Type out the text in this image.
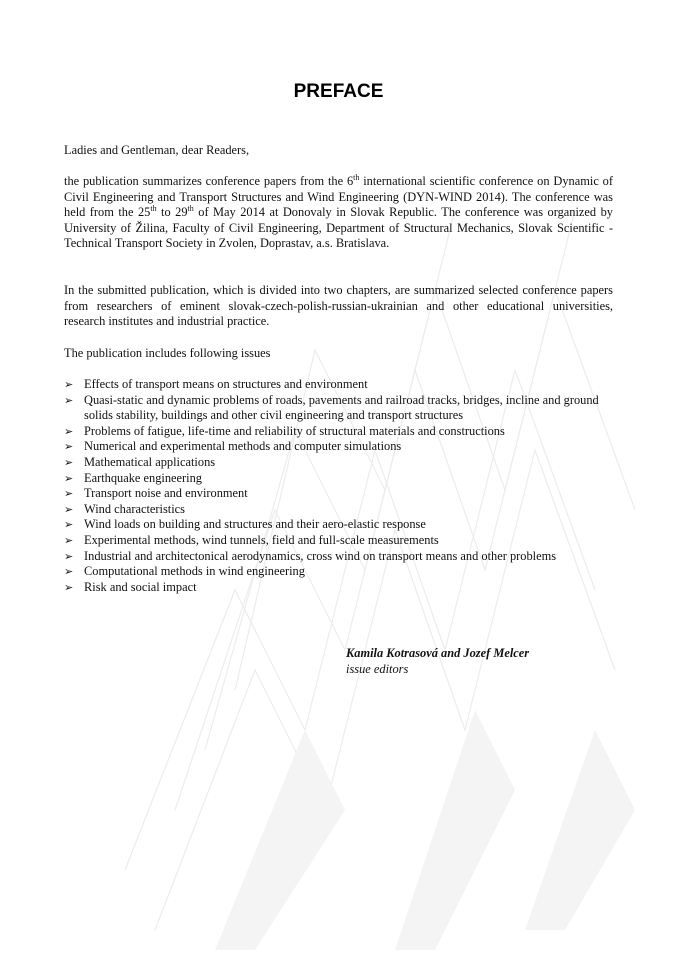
PREFACE

Ladies and Gentleman, dear Readers,

the publication summarizes conference papers from the 6th international scientific conference on Dynamic of Civil Engineering and Transport Structures and Wind Engineering (DYN-WIND 2014). The conference was held from the 25th to 29th of May 2014 at Donovaly in Slovak Republic. The conference was organized by University of Žilina, Faculty of Civil Engineering, Department of Structural Mechanics, Slovak Scientific - Technical Transport Society in Zvolen, Doprastav, a.s. Bratislava.

In the submitted publication, which is divided into two chapters, are summarized selected conference papers from researchers of eminent slovak-czech-polish-russian-ukrainian and other educational universities, research institutes and industrial practice.

The publication includes following issues

➢ Effects of transport means on structures and environment
➢ Quasi-static and dynamic problems of roads, pavements and railroad tracks, bridges, incline and ground solids stability, buildings and other civil engineering and transport structures
➢ Problems of fatigue, life-time and reliability of structural materials and constructions
➢ Numerical and experimental methods and computer simulations
➢ Mathematical applications
➢ Earthquake engineering
➢ Transport noise and environment
➢ Wind characteristics
➢ Wind loads on building and structures and their aero-elastic response
➢ Experimental methods, wind tunnels, field and full-scale measurements
➢ Industrial and architectonical aerodynamics, cross wind on transport means and other problems
➢ Computational methods in wind engineering
➢ Risk and social impact

Kamila Kotrasová and Jozef Melcer
issue editors
